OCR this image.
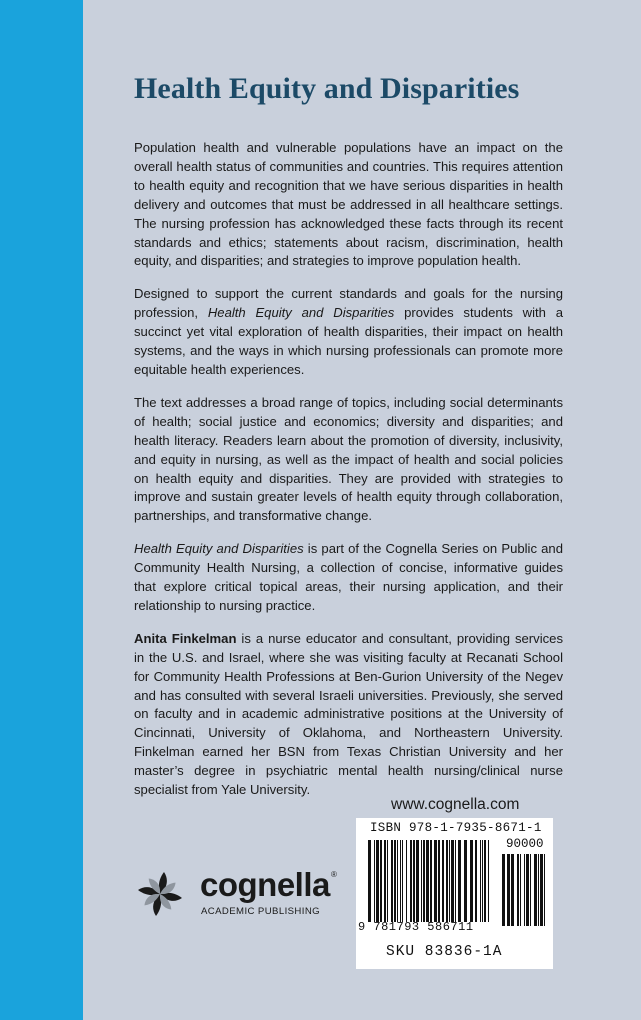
Health Equity and Disparities

Population health and vulnerable populations have an impact on the overall health status of communities and countries. This requires attention to health equity and recognition that we have serious disparities in health delivery and outcomes that must be addressed in all healthcare settings. The nursing profession has acknowledged these facts through its recent standards and ethics; statements about racism, discrimination, health equity, and disparities; and strategies to improve population health.

Designed to support the current standards and goals for the nursing profession, Health Equity and Disparities provides students with a succinct yet vital exploration of health disparities, their impact on health systems, and the ways in which nursing professionals can promote more equitable health experiences.

The text addresses a broad range of topics, including social determinants of health; social justice and economics; diversity and disparities; and health literacy. Readers learn about the promotion of diversity, inclusivity, and equity in nursing, as well as the impact of health and social policies on health equity and disparities. They are provided with strategies to improve and sustain greater levels of health equity through collaboration, partnerships, and transformative change.

Health Equity and Disparities is part of the Cognella Series on Public and Community Health Nursing, a collection of concise, informative guides that explore critical topical areas, their nursing application, and their relationship to nursing practice.

Anita Finkelman is a nurse educator and consultant, providing services in the U.S. and Israel, where she was visiting faculty at Recanati School for Community Health Professions at Ben-Gurion University of the Negev and has consulted with several Israeli universities. Previously, she served on faculty and in academic administrative positions at the University of Cincinnati, University of Oklahoma, and Northeastern University. Finkelman earned her BSN from Texas Christian University and her master’s degree in psychiatric mental health nursing/clinical nurse specialist from Yale University.

www.cognella.com
cognella ®
ACADEMIC PUBLISHING
ISBN 978-1-7935-8671-1
90000
9 781793 586711
SKU 83836-1A
